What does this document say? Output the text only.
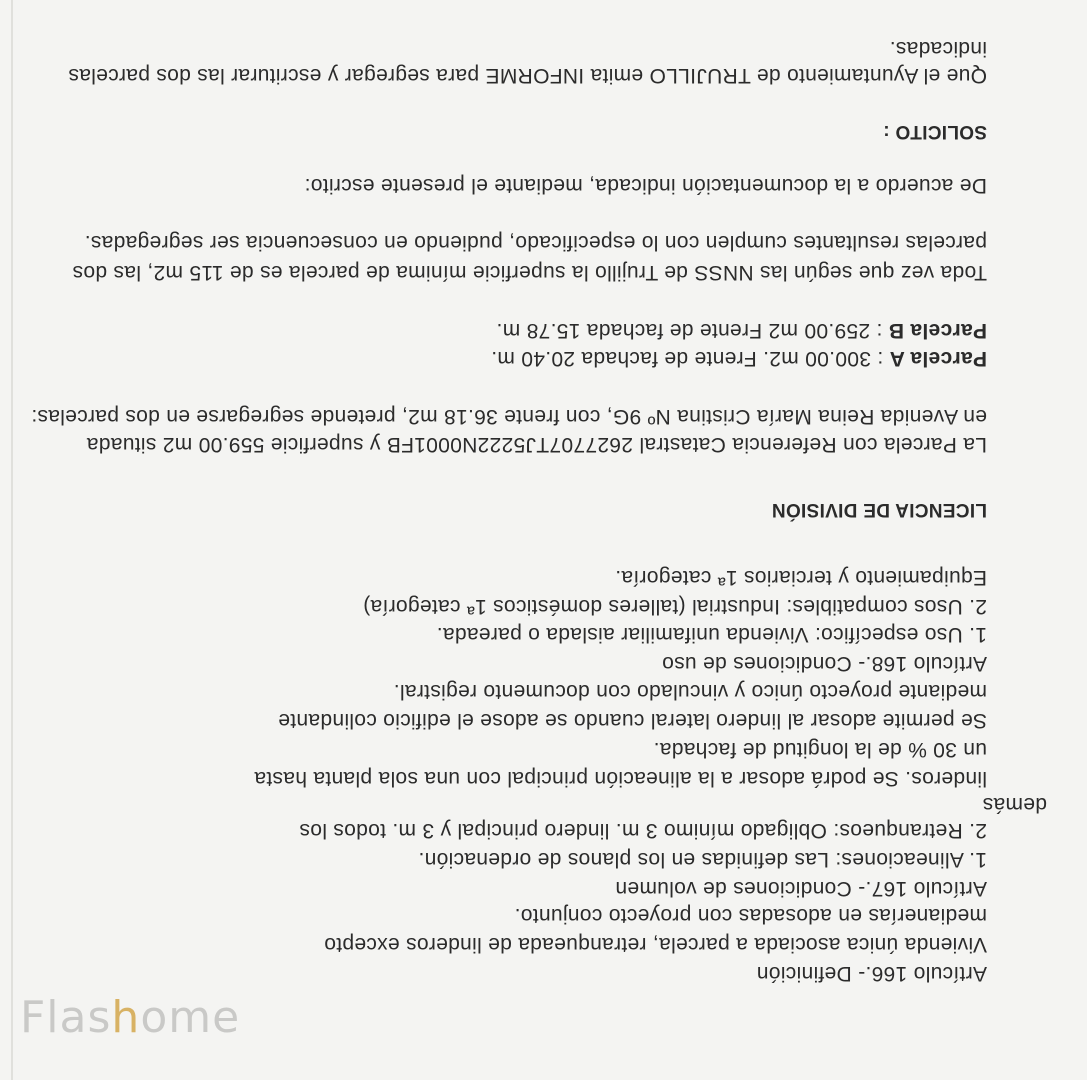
Artículo 166.- Definición
Vivienda única asociada a parcela, retranqueada de linderos excepto
medianerías en adosadas con proyecto conjunto.
Artículo 167.- Condiciones de volumen
1. Alineaciones: Las definidas en los planos de ordenación.
2. Retranqueos: Obligado mínimo 3 m. lindero principal y 3 m. todos los
demás
linderos. Se podrá adosar a la alineación principal con una sola planta hasta
un 30 % de la longitud de fachada.
Se permite adosar al lindero lateral cuando se adose el edificio colindante
mediante proyecto único y vinculado con documento registral.
Artículo 168.- Condiciones de uso
1. Uso específico: Vivienda unifamiliar aislada o pareada.
2. Usos compatibles: Industrial (talleres domésticos 1ª categoría)
Equipamiento y terciarios 1ª categoría.
LICENCIA DE DIVISIÓN
La Parcela con Referencia Catastral 2627707TJ5222N0001FB y superficie 559.00 m2 situada
en Avenida Reina María Cristina Nº 9G, con frente 36.18 m2, pretende segregarse en dos parcelas:
Parcela A : 300.00 m2. Frente de fachada 20.40 m.
Parcela B : 259.00 m2 Frente de fachada 15.78 m.
Toda vez que según las NNSS de Trujillo la superficie mínima de parcela es de 115 m2, las dos
parcelas resultantes cumplen con lo especificado, pudiendo en consecuencia ser segregadas.
De acuerdo a la documentación indicada, mediante el presente escrito:
SOLICITO :
Que el Ayuntamiento de TRUJILLO emita INFORME para segregar y escriturar las dos parcelas
indicadas.
Flashome
